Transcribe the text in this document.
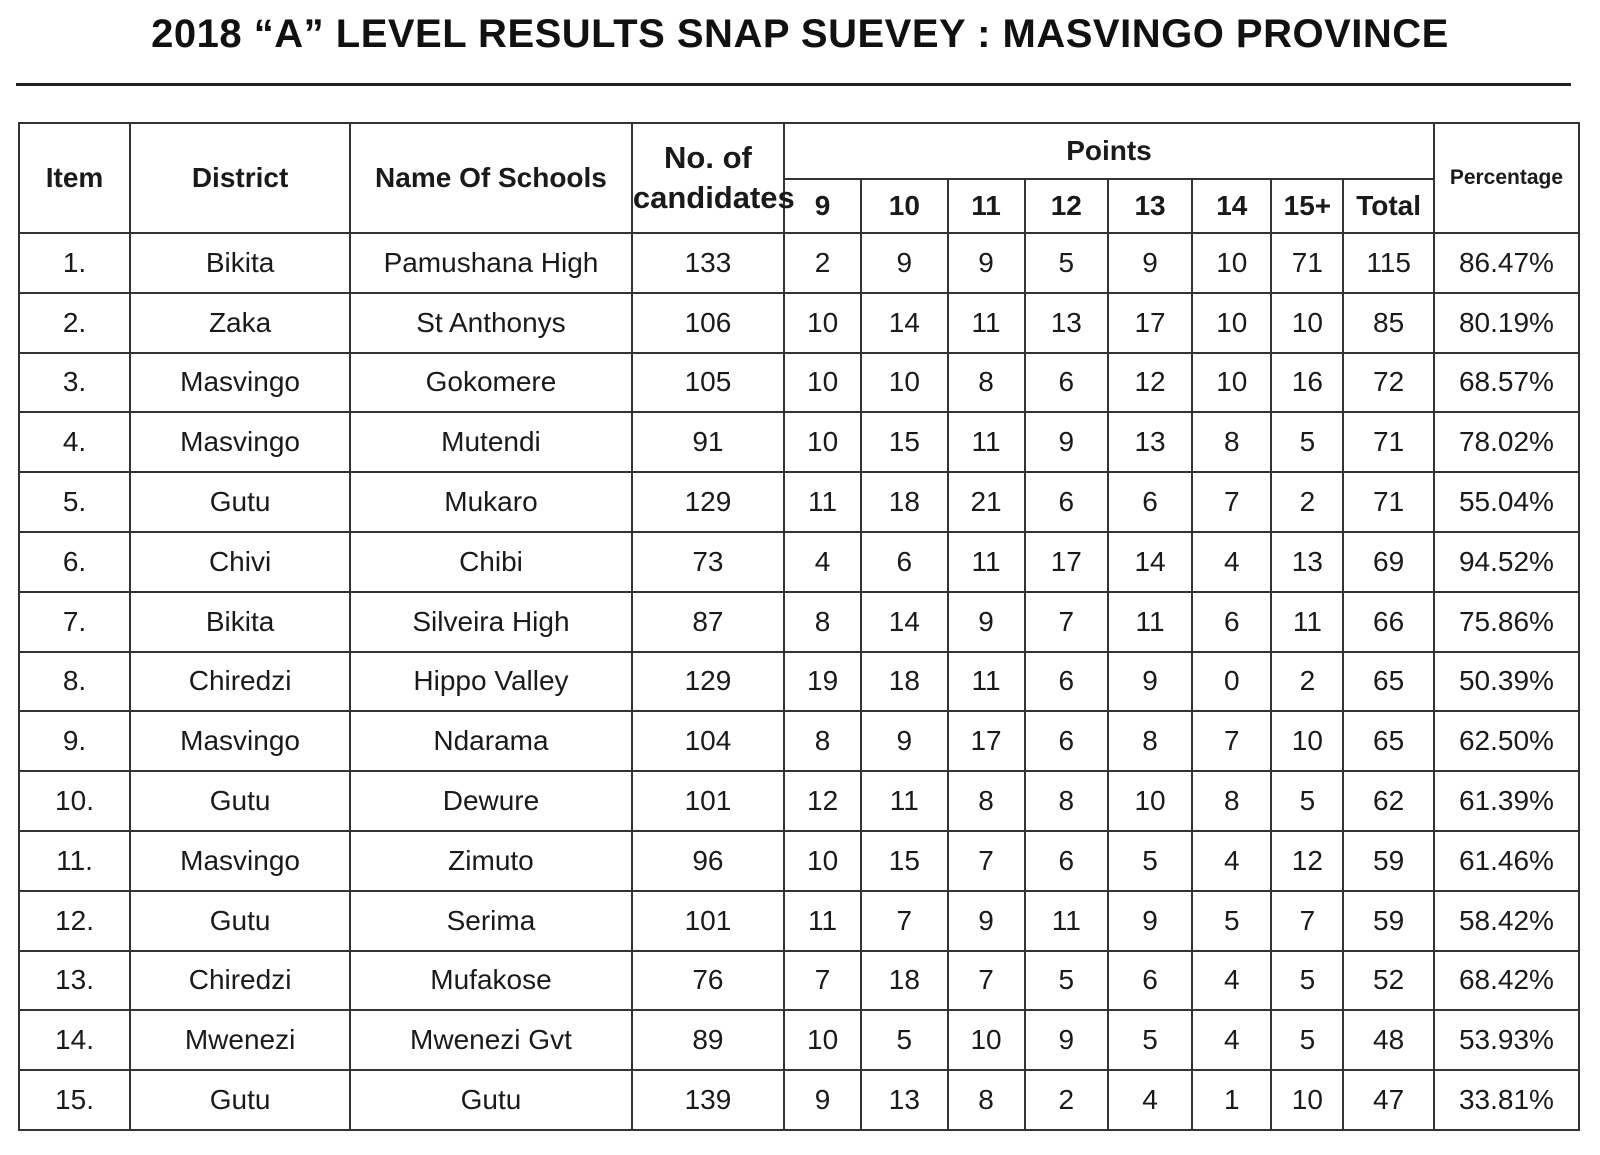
2018 “A” LEVEL RESULTS SNAP SUEVEY : MASVINGO PROVINCE
Item	District	Name Of Schools	No. of candidates	Points								Percentage
				9	10	11	12	13	14	15+	Total	
1.	Bikita	Pamushana High	133	2	9	9	5	9	10	71	115	86.47%
2.	Zaka	St Anthonys	106	10	14	11	13	17	10	10	85	80.19%
3.	Masvingo	Gokomere	105	10	10	8	6	12	10	16	72	68.57%
4.	Masvingo	Mutendi	91	10	15	11	9	13	8	5	71	78.02%
5.	Gutu	Mukaro	129	11	18	21	6	6	7	2	71	55.04%
6.	Chivi	Chibi	73	4	6	11	17	14	4	13	69	94.52%
7.	Bikita	Silveira High	87	8	14	9	7	11	6	11	66	75.86%
8.	Chiredzi	Hippo Valley	129	19	18	11	6	9	0	2	65	50.39%
9.	Masvingo	Ndarama	104	8	9	17	6	8	7	10	65	62.50%
10.	Gutu	Dewure	101	12	11	8	8	10	8	5	62	61.39%
11.	Masvingo	Zimuto	96	10	15	7	6	5	4	12	59	61.46%
12.	Gutu	Serima	101	11	7	9	11	9	5	7	59	58.42%
13.	Chiredzi	Mufakose	76	7	18	7	5	6	4	5	52	68.42%
14.	Mwenezi	Mwenezi Gvt	89	10	5	10	9	5	4	5	48	53.93%
15.	Gutu	Gutu	139	9	13	8	2	4	1	10	47	33.81%
